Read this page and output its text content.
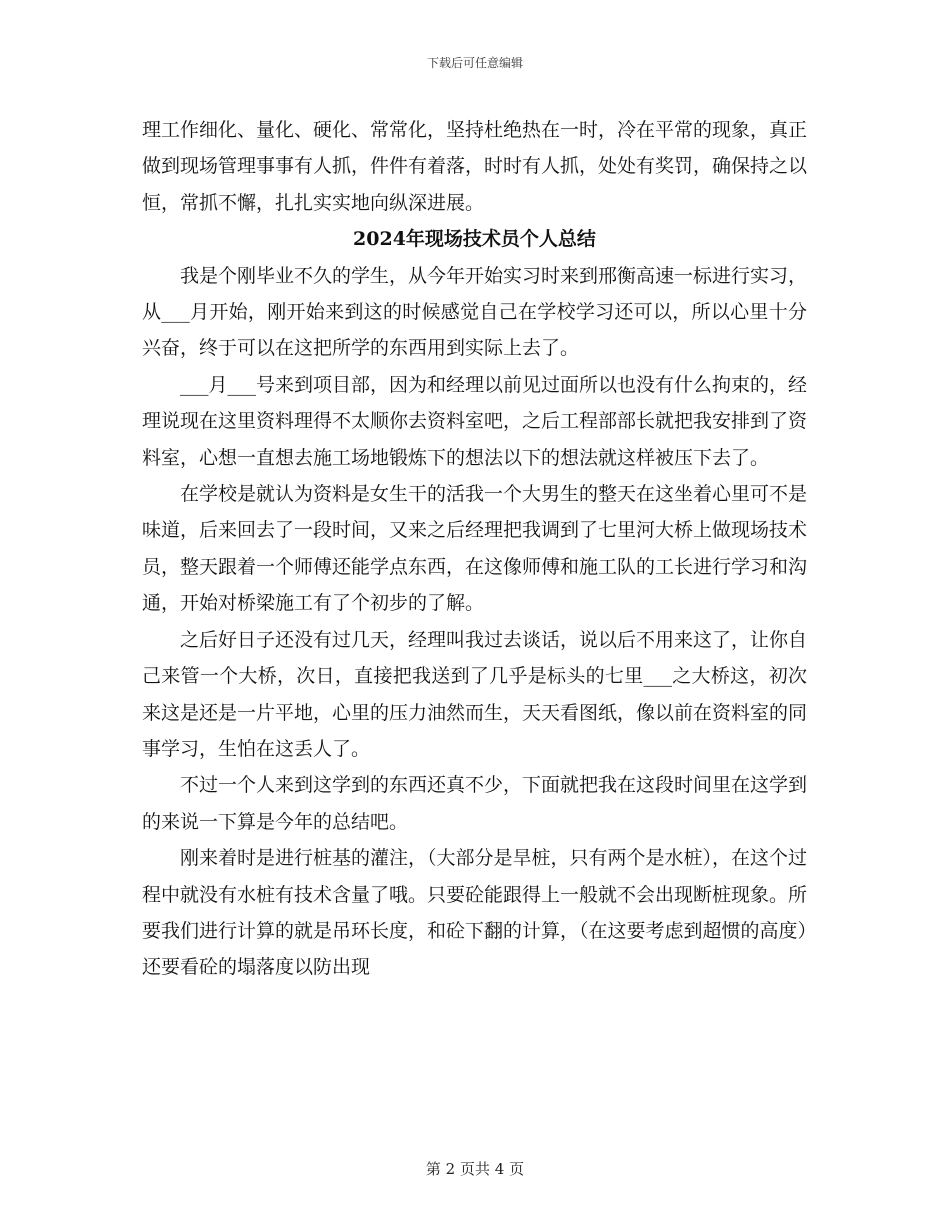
下载后可任意编辑

理工作细化、量化、硬化、常常化，坚持杜绝热在一时，冷在平常的现象，真正做到现场管理事事有人抓，件件有着落，时时有人抓，处处有奖罚，确保持之以恒，常抓不懈，扎扎实实地向纵深进展。

2024年现场技术员个人总结

我是个刚毕业不久的学生，从今年开始实习时来到邢衡高速一标进行实习，从___月开始，刚开始来到这的时候感觉自己在学校学习还可以，所以心里十分兴奋，终于可以在这把所学的东西用到实际上去了。

___月___号来到项目部，因为和经理以前见过面所以也没有什么拘束的，经理说现在这里资料理得不太顺你去资料室吧，之后工程部部长就把我安排到了资料室，心想一直想去施工场地锻炼下的想法以下的想法就这样被压下去了。

在学校是就认为资料是女生干的活我一个大男生的整天在这坐着心里可不是味道，后来回去了一段时间，又来之后经理把我调到了七里河大桥上做现场技术员，整天跟着一个师傅还能学点东西，在这像师傅和施工队的工长进行学习和沟通，开始对桥梁施工有了个初步的了解。

之后好日子还没有过几天，经理叫我过去谈话，说以后不用来这了，让你自己来管一个大桥，次日，直接把我送到了几乎是标头的七里___之大桥这，初次来这是还是一片平地，心里的压力油然而生，天天看图纸，像以前在资料室的同事学习，生怕在这丢人了。

不过一个人来到这学到的东西还真不少，下面就把我在这段时间里在这学到的来说一下算是今年的总结吧。

刚来着时是进行桩基的灌注，（大部分是旱桩，只有两个是水桩），在这个过程中就没有水桩有技术含量了哦。只要砼能跟得上一般就不会出现断桩现象。所要我们进行计算的就是吊环长度，和砼下翻的计算，（在这要考虑到超惯的高度）还要看砼的塌落度以防出现

第 2 页共 4 页
